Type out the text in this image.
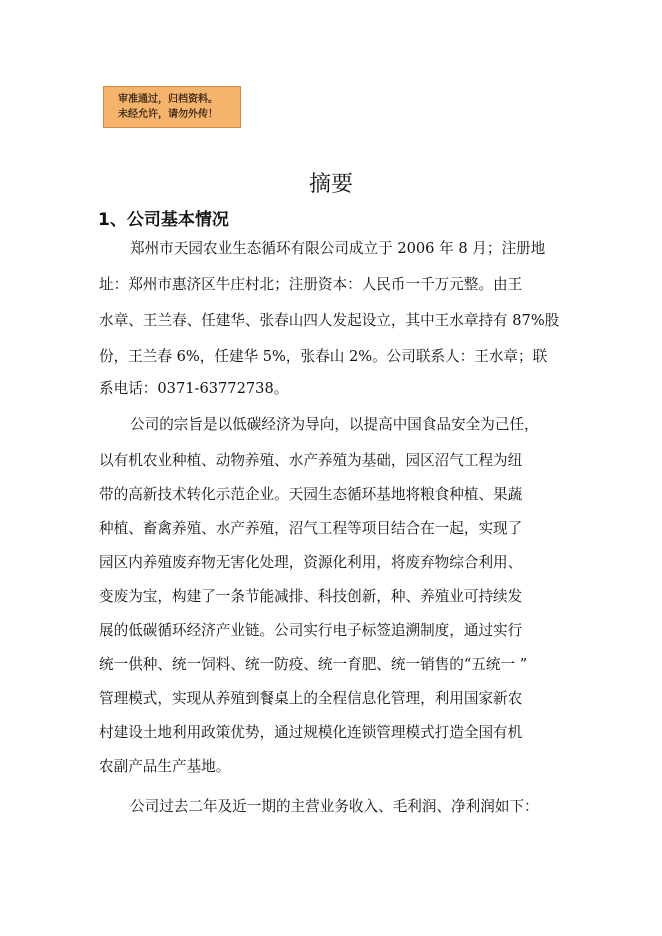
审准通过，归档资料。
未经允许，请勿外传！
摘要
1、公司基本情况
郑州市天园农业生态循环有限公司成立于 2006 年 8 月；注册地
址：郑州市惠济区牛庄村北；注册资本：人民币一千万元整。由王
水章、王兰春、任建华、张春山四人发起设立，其中王水章持有 87%股
份，王兰春 6%，任建华 5%，张春山 2%。公司联系人：王水章；联
系电话：0371-63772738。
公司的宗旨是以低碳经济为导向，以提高中国食品安全为己任，
以有机农业种植、动物养殖、水产养殖为基础，园区沼气工程为纽
带的高新技术转化示范企业。天园生态循环基地将粮食种植、果蔬
种植、畜禽养殖、水产养殖，沼气工程等项目结合在一起，实现了
园区内养殖废弃物无害化处理，资源化利用，将废弃物综合利用、
变废为宝，构建了一条节能减排、科技创新，种、养殖业可持续发
展的低碳循环经济产业链。公司实行电子标签追溯制度，通过实行
统一供种、统一饲料、统一防疫、统一育肥、统一销售的“五统一 ”
管理模式，实现从养殖到餐桌上的全程信息化管理，利用国家新农
村建设土地利用政策优势，通过规模化连锁管理模式打造全国有机
农副产品生产基地。
公司过去二年及近一期的主营业务收入、毛利润、净利润如下：
